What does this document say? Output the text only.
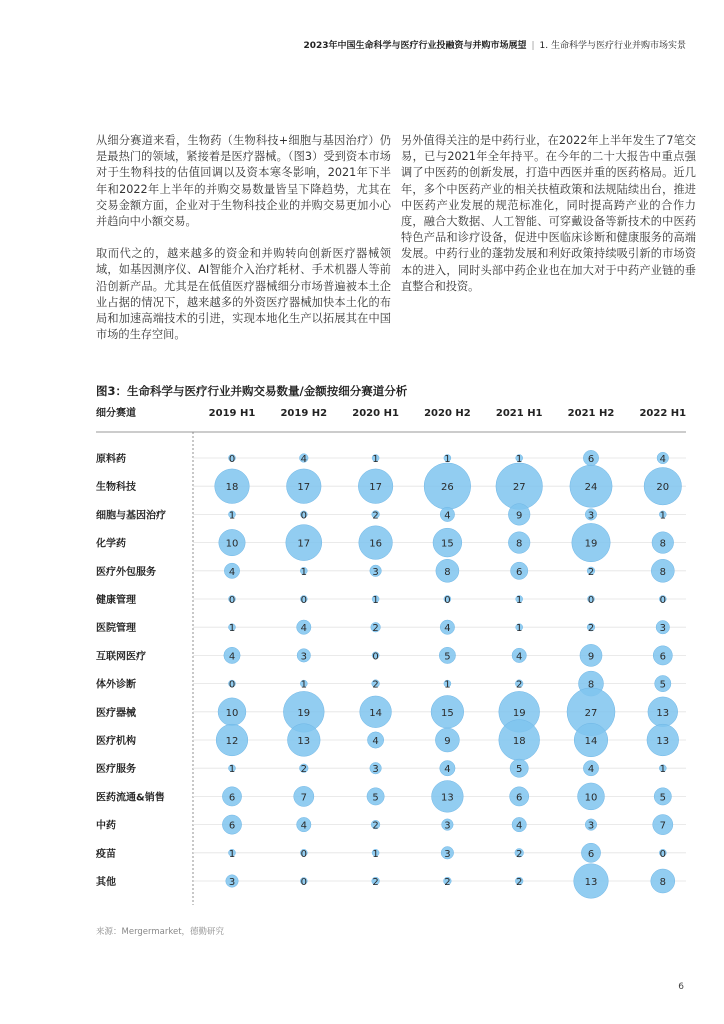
2023年中国生命科学与医疗行业投融资与并购市场展望 | 1. 生命科学与医疗行业并购市场实景

从细分赛道来看，生物药（生物科技+细胞与基因治疗）仍是最热门的领域，紧接着是医疗器械。（图3）受到资本市场对于生物科技的估值回调以及资本寒冬影响，2021年下半年和2022年上半年的并购交易数量皆呈下降趋势，尤其在交易金额方面，企业对于生物科技企业的并购交易更加小心并趋向中小额交易。

取而代之的，越来越多的资金和并购转向创新医疗器械领域，如基因测序仪、AI智能介入治疗耗材、手术机器人等前沿创新产品。尤其是在低值医疗器械细分市场普遍被本土企业占据的情况下，越来越多的外资医疗器械加快本土化的布局和加速高端技术的引进，实现本地化生产以拓展其在中国市场的生存空间。

另外值得关注的是中药行业，在2022年上半年发生了7笔交易，已与2021年全年持平。在今年的二十大报告中重点强调了中医药的创新发展，打造中西医并重的医药格局。近几年，多个中医药产业的相关扶植政策和法规陆续出台，推进中医药产业发展的规范标准化，同时提高跨产业的合作力度，融合大数据、人工智能、可穿戴设备等新技术的中医药特色产品和诊疗设备，促进中医临床诊断和健康服务的高端发展。中药行业的蓬勃发展和利好政策持续吸引新的市场资本的进入，同时头部中药企业也在加大对于中药产业链的垂直整合和投资。

图3：生命科学与医疗行业并购交易数量/金额按细分赛道分析
细分赛道	2019 H1	2019 H2	2020 H1	2020 H2	2021 H1	2021 H2	2022 H1
原料药	0	4	1	1	1	6	4
生物科技	18	17	17	26	27	24	20
细胞与基因治疗	1	0	2	4	9	3	1
化学药	10	17	16	15	8	19	8
医疗外包服务	4	1	3	8	6	2	8
健康管理	0	0	1	0	1	0	0
医院管理	1	4	2	4	1	2	3
互联网医疗	4	3	0	5	4	9	6
体外诊断	0	1	2	1	2	8	5
医疗器械	10	19	14	15	19	27	13
医疗机构	12	13	4	9	18	14	13
医疗服务	1	2	3	4	5	4	1
医药流通&销售	6	7	5	13	6	10	5
中药	6	4	2	3	4	3	7
疫苗	1	0	1	3	2	6	0
其他	3	0	2	2	2	13	8
来源：Mergermarket，德勤研究
6
